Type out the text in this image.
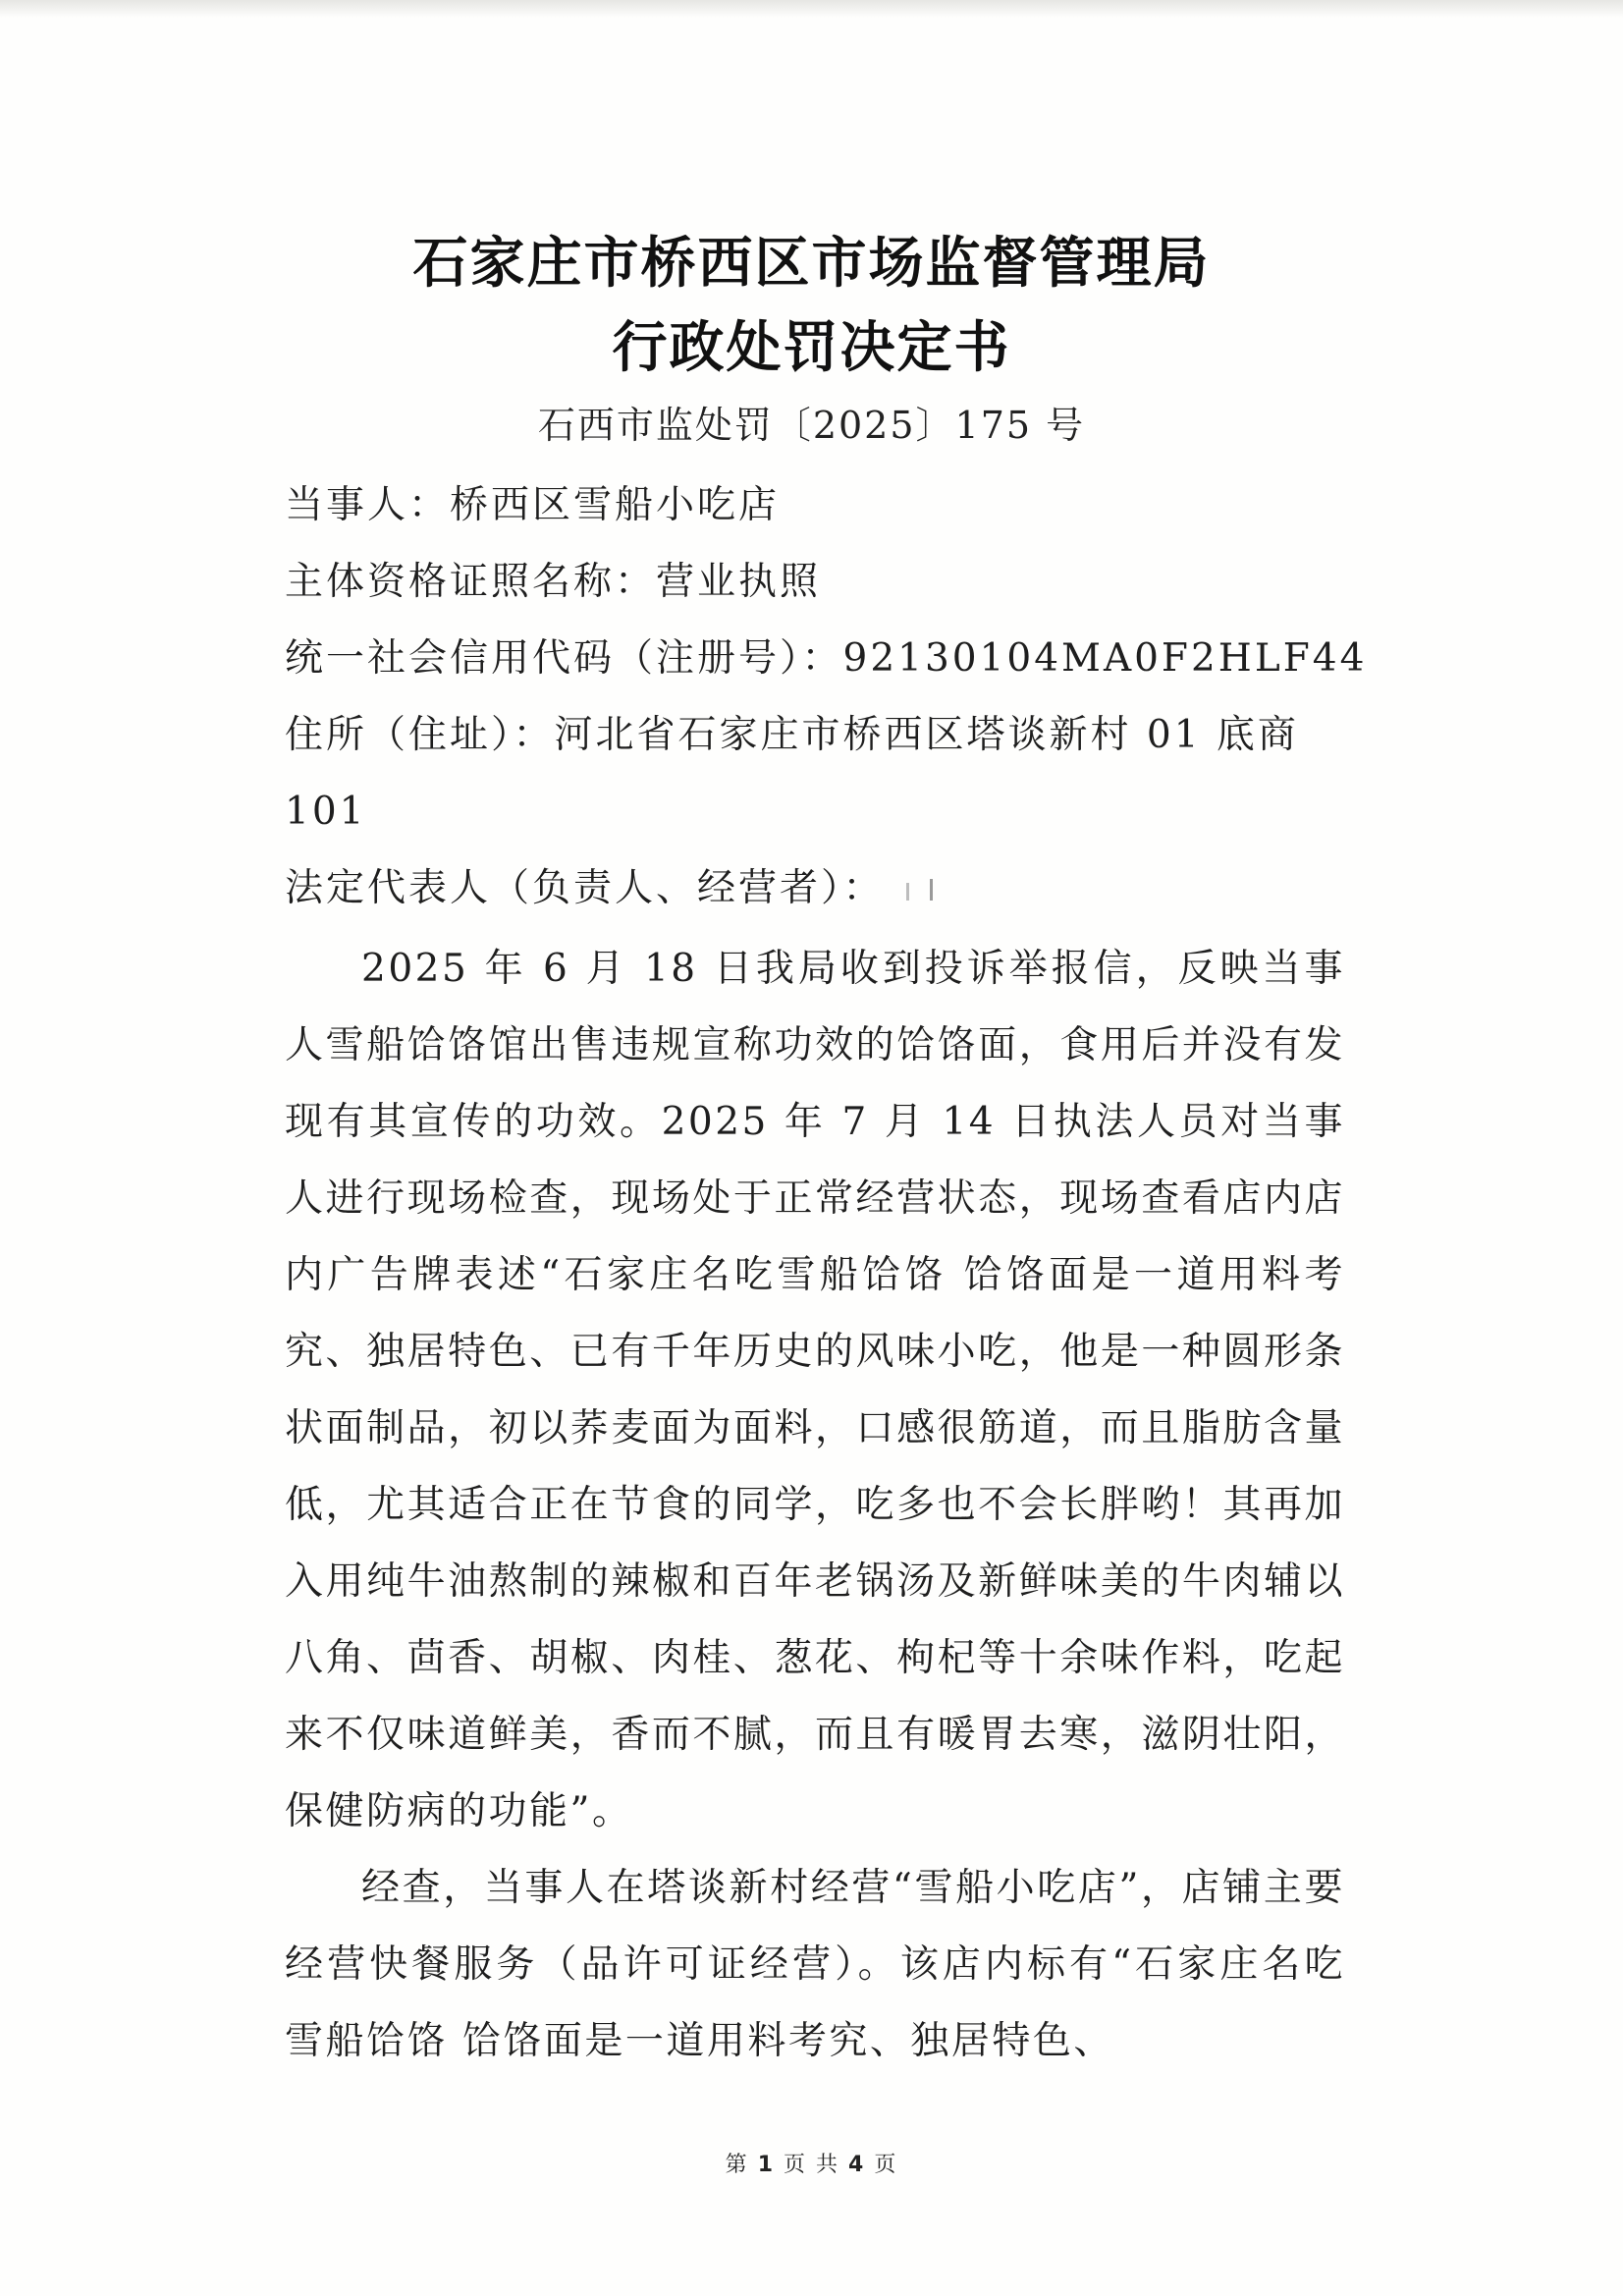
石家庄市桥西区市场监督管理局
行政处罚决定书
石西市监处罚〔2025〕175 号
当事人：桥西区雪船小吃店
主体资格证照名称：营业执照
统一社会信用代码（注册号）：92130104MA0F2HLF44
住所（住址）：河北省石家庄市桥西区塔谈新村 01 底商 101
法定代表人（负责人、经营者）：

2025 年 6 月 18 日我局收到投诉举报信，反映当事人雪船饸饹馆出售违规宣称功效的饸饹面，食用后并没有发现有其宣传的功效。2025 年 7 月 14 日执法人员对当事人进行现场检查，现场处于正常经营状态，现场查看店内店内广告牌表述“石家庄名吃雪船饸饹 饸饹面是一道用料考究、独居特色、已有千年历史的风味小吃，他是一种圆形条状面制品，初以荞麦面为面料，口感很筋道，而且脂肪含量低，尤其适合正在节食的同学，吃多也不会长胖哟！其再加入用纯牛油熬制的辣椒和百年老锅汤及新鲜味美的牛肉辅以八角、茴香、胡椒、肉桂、葱花、枸杞等十余味作料，吃起来不仅味道鲜美，香而不腻，而且有暖胃去寒，滋阴壮阳，保健防病的功能”。

经查，当事人在塔谈新村经营“雪船小吃店”，店铺主要经营快餐服务（品许可证经营）。该店内标有“石家庄名吃雪船饸饹 饸饹面是一道用料考究、独居特色、

第 1 页 共 4 页
